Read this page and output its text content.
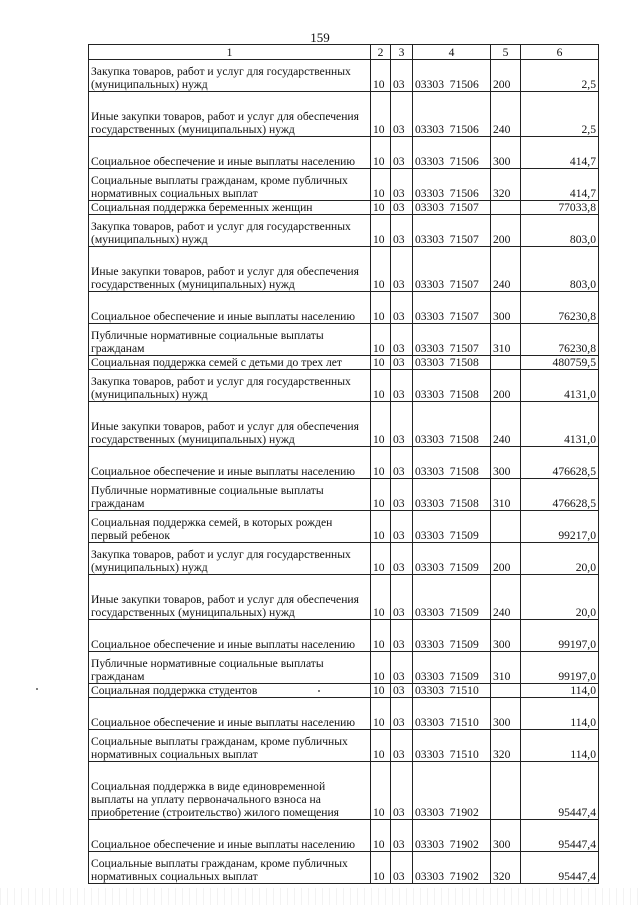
159
1	2	3	4	5	6
Закупка товаров, работ и услуг для государственных (муниципальных) нужд	10	03	03303  71506	200	2,5
Иные закупки товаров, работ и услуг для обеспечения государственных (муниципальных) нужд	10	03	03303  71506	240	2,5
Социальное обеспечение и иные выплаты населению	10	03	03303  71506	300	414,7
Социальные выплаты гражданам, кроме публичных нормативных социальных выплат	10	03	03303  71506	320	414,7
Социальная поддержка беременных женщин	10	03	03303  71507		77033,8
Закупка товаров, работ и услуг для государственных (муниципальных) нужд	10	03	03303  71507	200	803,0
Иные закупки товаров, работ и услуг для обеспечения государственных (муниципальных) нужд	10	03	03303  71507	240	803,0
Социальное обеспечение и иные выплаты населению	10	03	03303  71507	300	76230,8
Публичные нормативные социальные выплаты гражданам	10	03	03303  71507	310	76230,8
Социальная поддержка семей с детьми до трех лет	10	03	03303  71508		480759,5
Закупка товаров, работ и услуг для государственных (муниципальных) нужд	10	03	03303  71508	200	4131,0
Иные закупки товаров, работ и услуг для обеспечения государственных (муниципальных) нужд	10	03	03303  71508	240	4131,0
Социальное обеспечение и иные выплаты населению	10	03	03303  71508	300	476628,5
Публичные нормативные социальные выплаты гражданам	10	03	03303  71508	310	476628,5
Социальная поддержка семей, в которых рожден первый ребенок	10	03	03303  71509		99217,0
Закупка товаров, работ и услуг для государственных (муниципальных) нужд	10	03	03303  71509	200	20,0
Иные закупки товаров, работ и услуг для обеспечения государственных (муниципальных) нужд	10	03	03303  71509	240	20,0
Социальное обеспечение и иные выплаты населению	10	03	03303  71509	300	99197,0
Публичные нормативные социальные выплаты гражданам	10	03	03303  71509	310	99197,0
Социальная поддержка студентов	10	03	03303  71510		114,0
Социальное обеспечение и иные выплаты населению	10	03	03303  71510	300	114,0
Социальные выплаты гражданам, кроме публичных нормативных социальных выплат	10	03	03303  71510	320	114,0
Социальная поддержка в виде единовременной выплаты на уплату первоначального взноса на приобретение (строительство) жилого помещения	10	03	03303  71902		95447,4
Социальное обеспечение и иные выплаты населению	10	03	03303  71902	300	95447,4
Социальные выплаты гражданам, кроме публичных нормативных социальных выплат	10	03	03303  71902	320	95447,4
